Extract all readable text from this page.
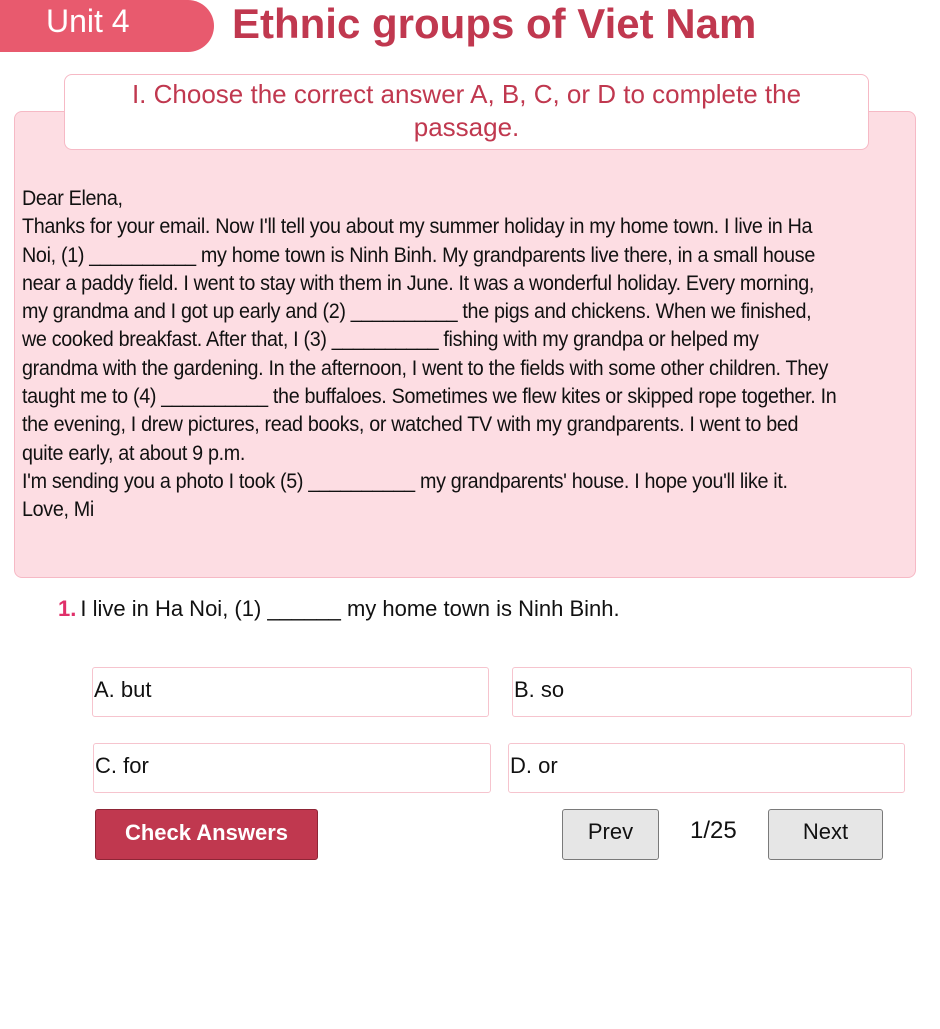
Unit 4 Ethnic groups of Viet Nam
I. Choose the correct answer A, B, C, or D to complete the passage.
Dear Elena,
Thanks for your email. Now I'll tell you about my summer holiday in my home town. I live in Ha
Noi, (1) __________ my home town is Ninh Binh. My grandparents live there, in a small house
near a paddy field. I went to stay with them in June. It was a wonderful holiday. Every morning,
my grandma and I got up early and (2) __________ the pigs and chickens. When we finished,
we cooked breakfast. After that, I (3) __________ fishing with my grandpa or helped my
grandma with the gardening. In the afternoon, I went to the fields with some other children. They
taught me to (4) __________ the buffaloes. Sometimes we flew kites or skipped rope together. In
the evening, I drew pictures, read books, or watched TV with my grandparents. I went to bed
quite early, at about 9 p.m.
I'm sending you a photo I took (5) __________ my grandparents' house. I hope you'll like it.
Love, Mi
1. I live in Ha Noi, (1) ______ my home town is Ninh Binh.
A. but	B. so
C. for	D. or
Check Answers	Prev	1/25	Next
